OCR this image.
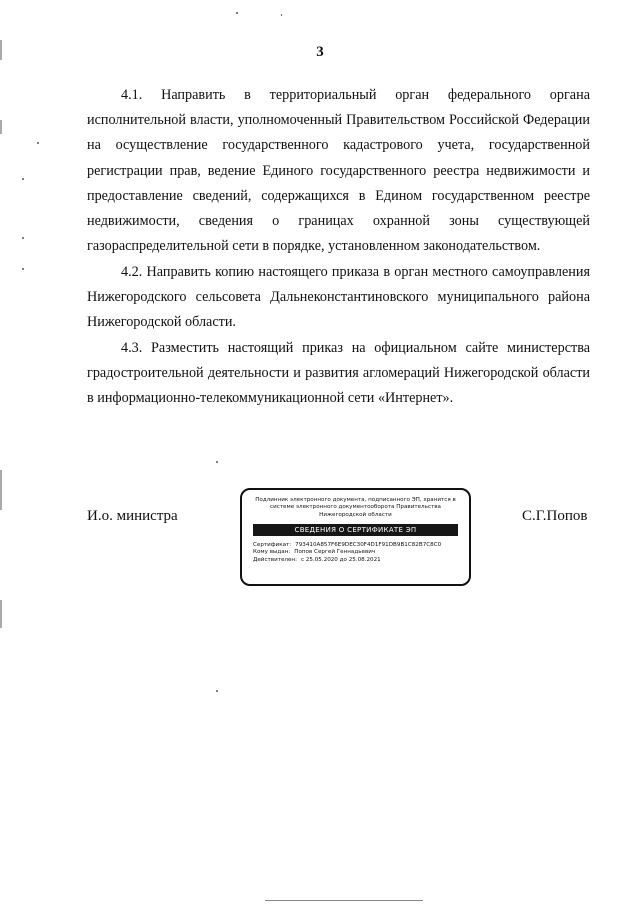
3

4.1. Направить в территориальный орган федерального органа исполнительной власти, уполномоченный Правительством Российской Федерации на осуществление государственного кадастрового учета, государственной регистрации прав, ведение Единого государственного реестра недвижимости и предоставление сведений, содержащихся в Едином государственном реестре недвижимости, сведения о границах охранной зоны существующей газораспределительной сети в порядке, установленном законодательством.

4.2. Направить копию настоящего приказа в орган местного самоуправления Нижегородского сельсовета Дальнеконстантиновского муниципального района Нижегородской области.

4.3. Разместить настоящий приказ на официальном сайте министерства градостроительной деятельности и развития агломераций Нижегородской области в информационно-телекоммуникационной сети «Интернет».

И.о. министра
Подлинник электронного документа, подписанного ЭП, хранится в системе электронного документооборота Правительства Нижегородской области
СВЕДЕНИЯ О СЕРТИФИКАТЕ ЭП
Сертификат: 793410A857F6E9DEC30F4D1F91DB9B1C82B7C8C0
Кому выдан: Попов Сергей Геннадьевич
Действителен: с 25.05.2020 до 25.08.2021
С.Г.Попов
